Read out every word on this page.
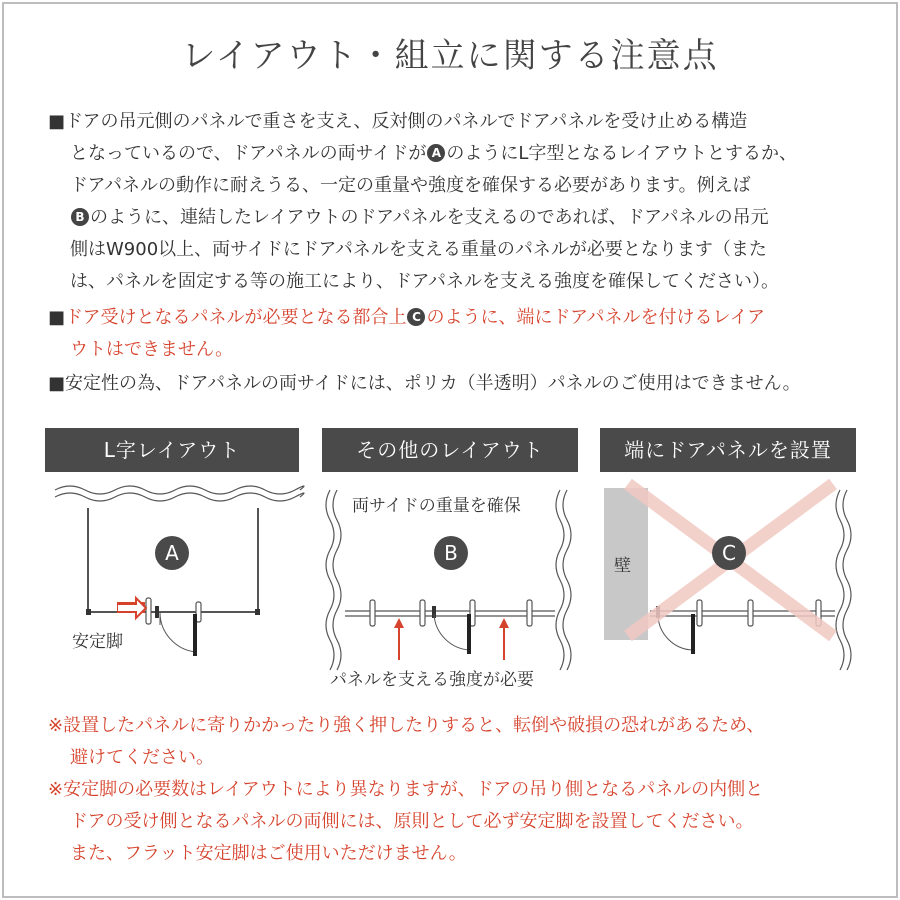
レイアウト・組立に関する注意点
■ドアの吊元側のパネルで重さを支え、反対側のパネルでドアパネルを受け止める構造
となっているので、ドアパネルの両サイドが A のようにL字型となるレイアウトとするか、
ドアパネルの動作に耐えうる、一定の重量や強度を確保する必要があります。例えば
B のように、連結したレイアウトのドアパネルを支えるのであれば、ドアパネルの吊元
側はW900以上、両サイドにドアパネルを支える重量のパネルが必要となります（また
は、パネルを固定する等の施工により、ドアパネルを支える強度を確保してください）。
■ドア受けとなるパネルが必要となる都合上 C のように、端にドアパネルを付けるレイア
ウトはできません。
■安定性の為、ドアパネルの両サイドには、ポリカ（半透明）パネルのご使用はできません。
L字レイアウト	その他のレイアウト	端にドアパネルを設置
A	B	C
安定脚
両サイドの重量を確保
パネルを支える強度が必要
壁
※設置したパネルに寄りかかったり強く押したりすると、転倒や破損の恐れがあるため、
避けてください。
※安定脚の必要数はレイアウトにより異なりますが、ドアの吊り側となるパネルの内側と
ドアの受け側となるパネルの両側には、原則として必ず安定脚を設置してください。
また、フラット安定脚はご使用いただけません。
